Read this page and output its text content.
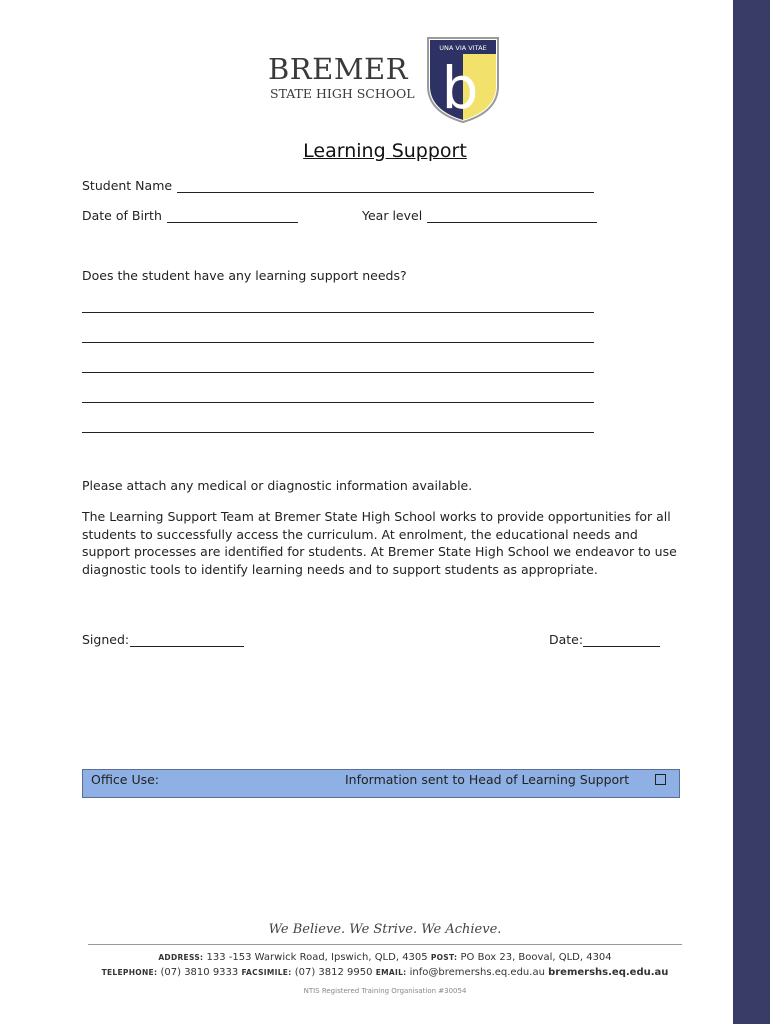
BREMER
STATE HIGH SCHOOL
UNA VIA VITAE
b
Learning Support
Student Name
Date of Birth	Year level
Does the student have any learning support needs?
Please attach any medical or diagnostic information available.
The Learning Support Team at Bremer State High School works to provide opportunities for all students to successfully access the curriculum. At enrolment, the educational needs and support processes are identified for students. At Bremer State High School we endeavor to use diagnostic tools to identify learning needs and to support students as appropriate.
Signed:	Date:
Office Use:	Information sent to Head of Learning Support
We Believe. We Strive. We Achieve.
ADDRESS: 133 -153 Warwick Road, Ipswich, QLD, 4305 POST: PO Box 23, Booval, QLD, 4304
TELEPHONE: (07) 3810 9333 FACSIMILE: (07) 3812 9950 EMAIL: info@bremershs.eq.edu.au bremershs.eq.edu.au
NTIS Registered Training Organisation #30054
